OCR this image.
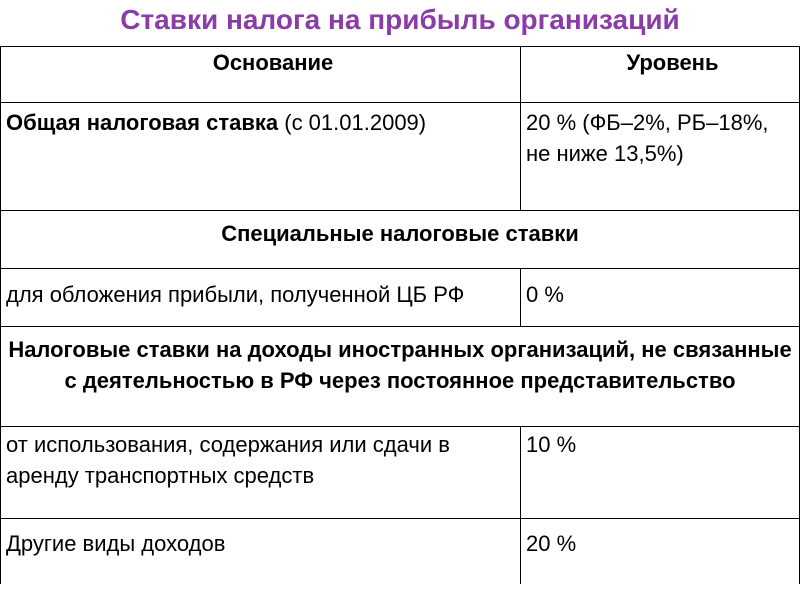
Ставки налога на прибыль организаций
Основание	Уровень
Общая налоговая ставка (с 01.01.2009)	20 % (ФБ–2%, РБ–18%, не ниже 13,5%)
Специальные налоговые ставки	
для обложения прибыли, полученной ЦБ РФ	0 %
Налоговые ставки на доходы иностранных организаций, не связанные с деятельностью в РФ через постоянное представительство	
от использования, содержания или сдачи в аренду транспортных средств	10 %
Другие виды доходов	20 %
